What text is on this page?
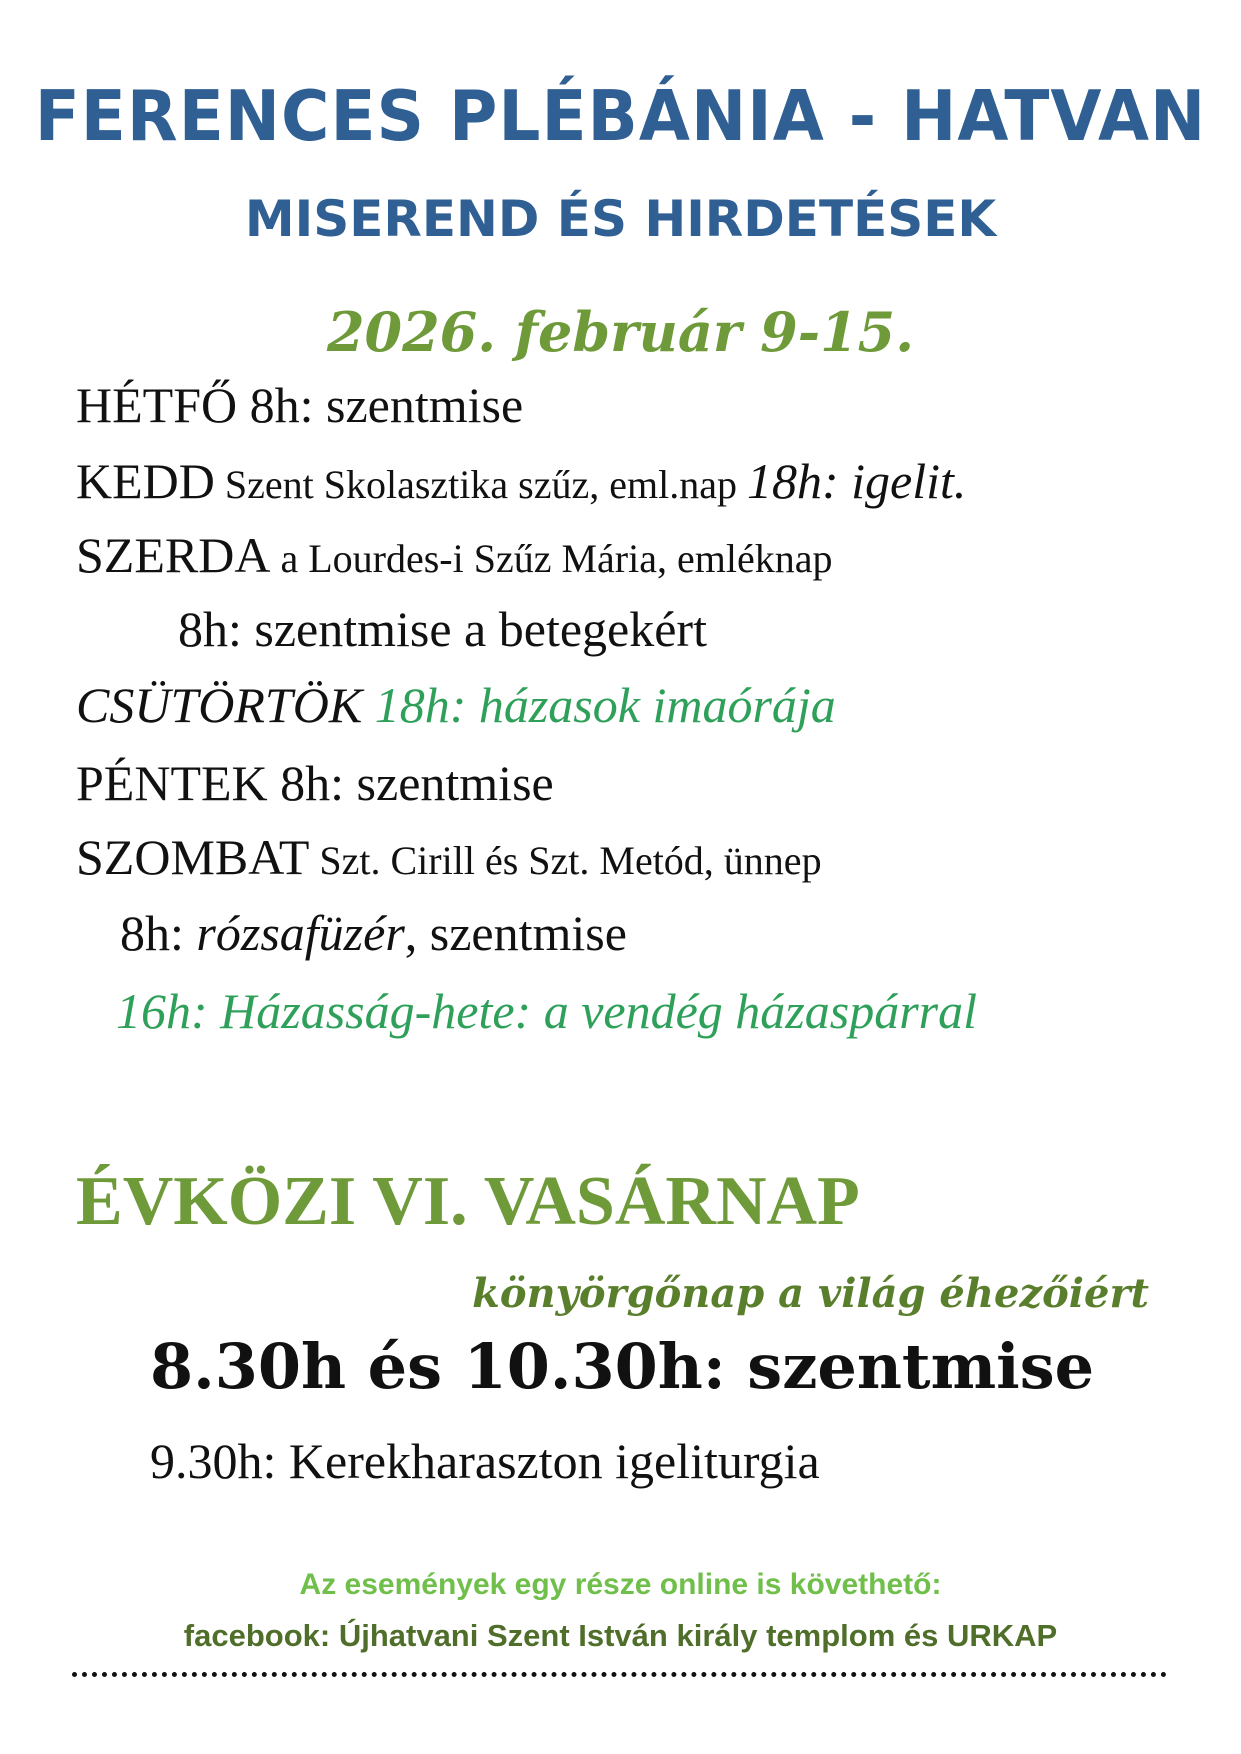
FERENCES PLÉBÁNIA - HATVAN
MISEREND ÉS HIRDETÉSEK
2026. február 9-15.
HÉTFŐ 8h: szentmise
KEDD Szent Skolasztika szűz, eml.nap 18h: igelit.
SZERDA a Lourdes-i Szűz Mária, emléknap
8h: szentmise a betegekért
CSÜTÖRTÖK 18h: házasok imaórája
PÉNTEK 8h: szentmise
SZOMBAT Szt. Cirill és Szt. Metód, ünnep
8h: rózsafüzér, szentmise
16h: Házasság-hete: a vendég házaspárral
ÉVKÖZI VI. VASÁRNAP
könyörgőnap a világ éhezőiért
8.30h és 10.30h: szentmise
9.30h: Kerekharaszton igeliturgia
Az események egy része online is követhető:
facebook: Újhatvani Szent István király templom és URKAP
